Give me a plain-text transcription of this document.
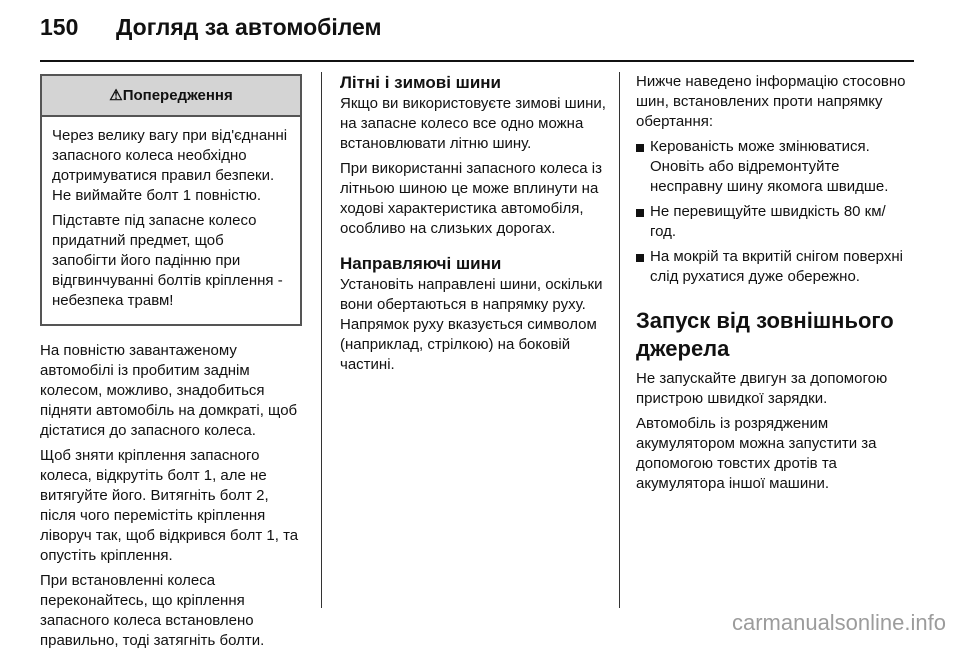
150 Догляд за автомобілем
⚠ Попередження

Через велику вагу при від'єднанні запасного колеса необхідно дотримуватися правил безпеки. Не виймайте болт 1 повністю.

Підставте під запасне колесо придатний предмет, щоб запобігти його падінню при відгвинчуванні болтів кріплення - небезпека травм!

На повністю завантаженому автомобілі із пробитим заднім колесом, можливо, знадобиться підняти автомобіль на домкраті, щоб дістатися до запасного колеса.

Щоб зняти кріплення запасного колеса, відкрутіть болт 1, але не витягуйте його. Витягніть болт 2, після чого перемістіть кріплення ліворуч так, щоб відкрився болт 1, та опустіть кріплення.

При встановленні колеса переконайтесь, що кріплення запасного колеса встановлено правильно, тоді затягніть болти.

Літні і зимові шини

Якщо ви використовуєте зимові шини, на запасне колесо все одно можна встановлювати літню шину.

При використанні запасного колеса із літньою шиною це може вплинути на ходові характеристика автомобіля, особливо на слизьких дорогах.

Направляючі шини

Установіть направлені шини, оскільки вони обертаються в напрямку руху. Напрямок руху вказується символом (наприклад, стрілкою) на боковій частині.

Нижче наведено інформацію стосовно шин, встановлених проти напрямку обертання:

Керованість може змінюватися. Оновіть або відремонтуйте несправну шину якомога швидше.
Не перевищуйте швидкість 80 км/год.
На мокрій та вкритій снігом поверхні слід рухатися дуже обережно.
Запуск від зовнішнього джерела

Не запускайте двигун за допомогою пристрою швидкої зарядки.

Автомобіль із розрядженим акумулятором можна запустити за допомогою товстих дротів та акумулятора іншої машини.

carmanualsonline.info
